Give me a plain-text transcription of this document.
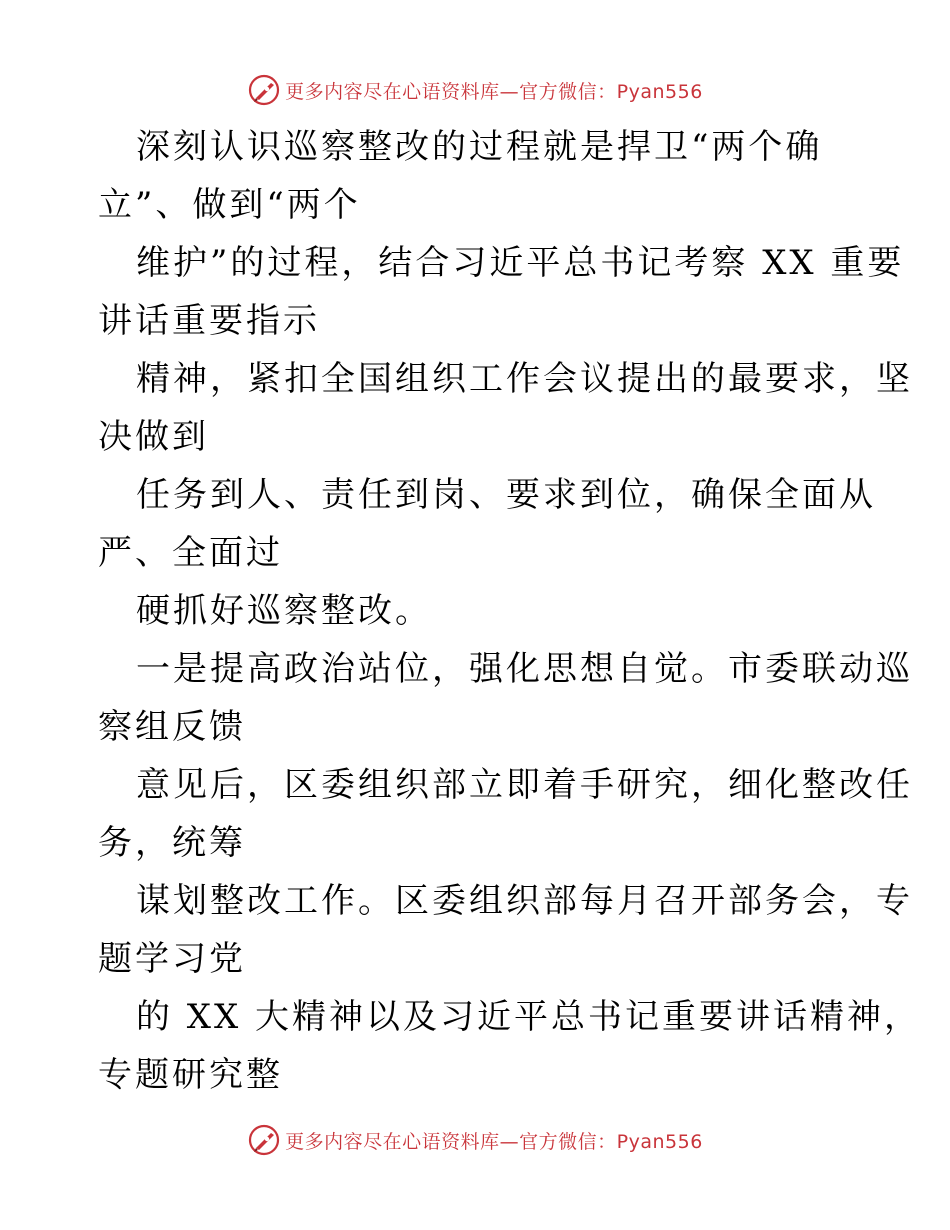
更多内容尽在心语资料库—官方微信：Pyan556
深刻认识巡察整改的过程就是捍卫“两个确
立”、做到“两个
维护”的过程，结合习近平总书记考察 XX 重要
讲话重要指示
精神，紧扣全国组织工作会议提出的最要求，坚
决做到
任务到人、责任到岗、要求到位，确保全面从
严、全面过
硬抓好巡察整改。
一是提高政治站位，强化思想自觉。市委联动巡
察组反馈
意见后，区委组织部立即着手研究，细化整改任
务，统筹
谋划整改工作。区委组织部每月召开部务会，专
题学习党
的 XX 大精神以及习近平总书记重要讲话精神，
专题研究整
更多内容尽在心语资料库—官方微信：Pyan556
